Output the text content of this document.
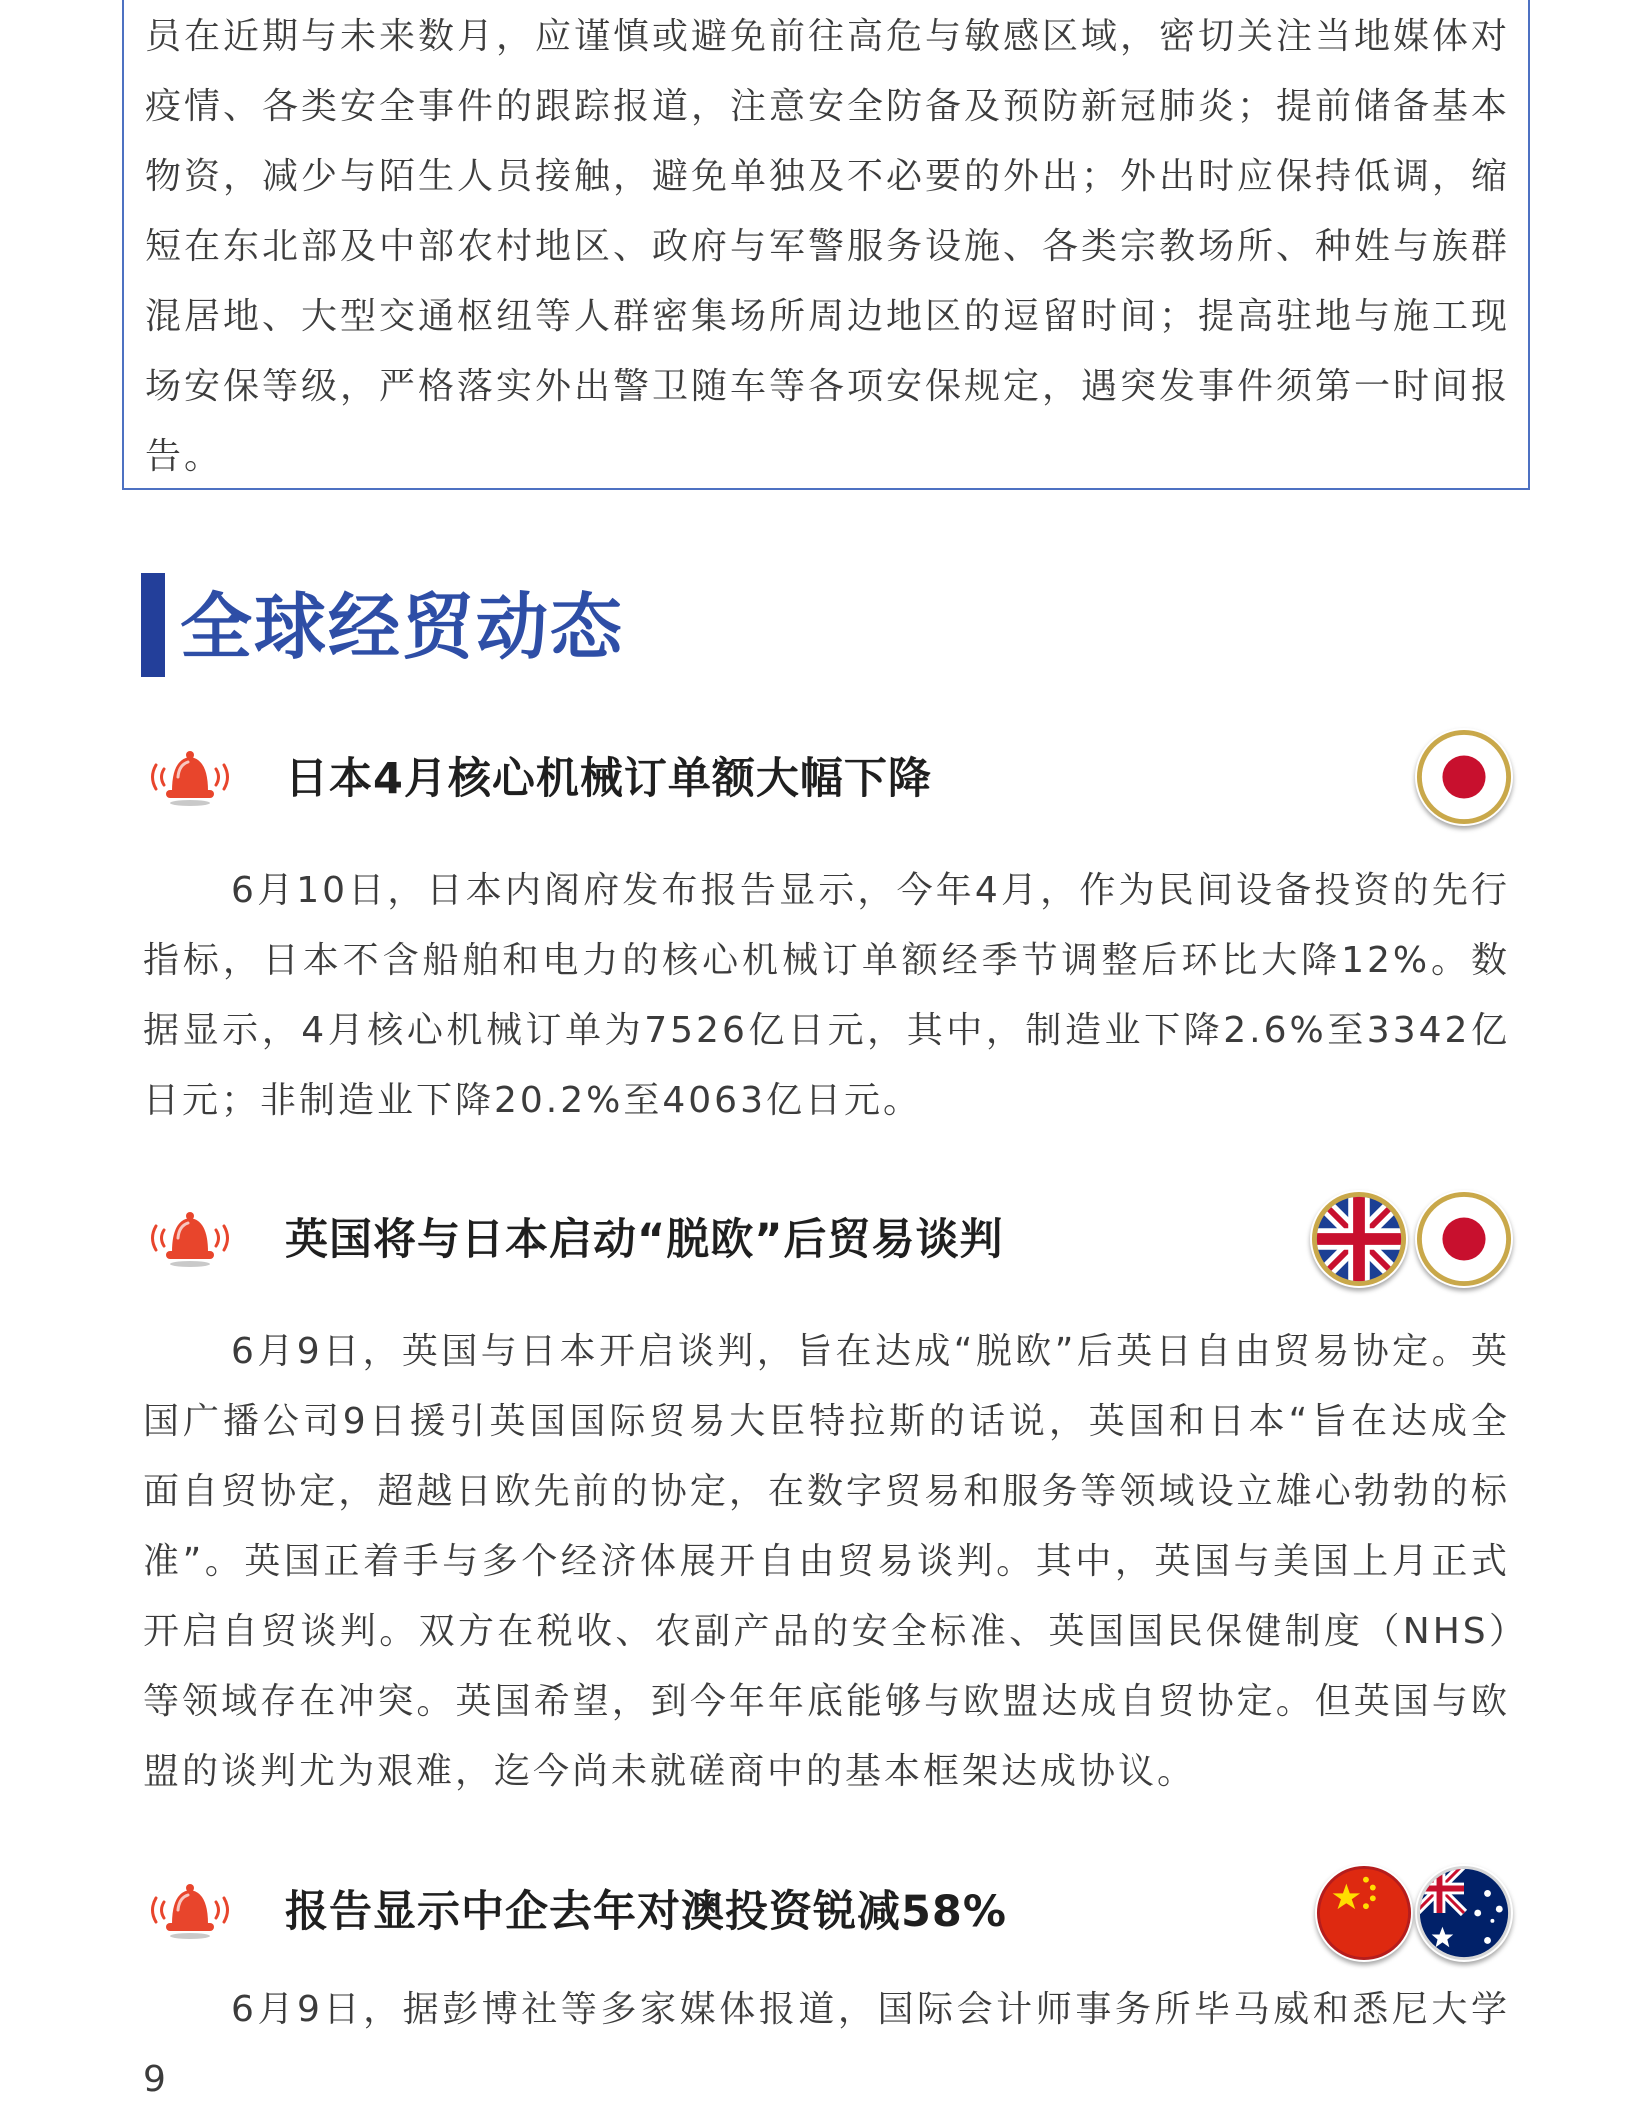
员在近期与未来数月，应谨慎或避免前往高危与敏感区域，密切关注当地媒体对疫情、各类安全事件的跟踪报道，注意安全防备及预防新冠肺炎；提前储备基本物资，减少与陌生人员接触，避免单独及不必要的外出；外出时应保持低调，缩短在东北部及中部农村地区、政府与军警服务设施、各类宗教场所、种姓与族群混居地、大型交通枢纽等人群密集场所周边地区的逗留时间；提高驻地与施工现场安保等级，严格落实外出警卫随车等各项安保规定，遇突发事件须第一时间报告。

全球经贸动态
日本4月核心机械订单额大幅下降

6月10日，日本内阁府发布报告显示，今年4月，作为民间设备投资的先行指标，日本不含船舶和电力的核心机械订单额经季节调整后环比大降12%。数据显示，4月核心机械订单为7526亿日元，其中，制造业下降2.6%至3342亿日元；非制造业下降20.2%至4063亿日元。

英国将与日本启动“脱欧”后贸易谈判

6月9日，英国与日本开启谈判，旨在达成“脱欧”后英日自由贸易协定。英国广播公司9日援引英国国际贸易大臣特拉斯的话说，英国和日本“旨在达成全面自贸协定，超越日欧先前的协定，在数字贸易和服务等领域设立雄心勃勃的标准”。英国正着手与多个经济体展开自由贸易谈判。其中，英国与美国上月正式开启自贸谈判。双方在税收、农副产品的安全标准、英国国民保健制度（NHS）等领域存在冲突。英国希望，到今年年底能够与欧盟达成自贸协定。但英国与欧盟的谈判尤为艰难，迄今尚未就磋商中的基本框架达成协议。

报告显示中企去年对澳投资锐减58%

6月9日，据彭博社等多家媒体报道，国际会计师事务所毕马威和悉尼大学9
